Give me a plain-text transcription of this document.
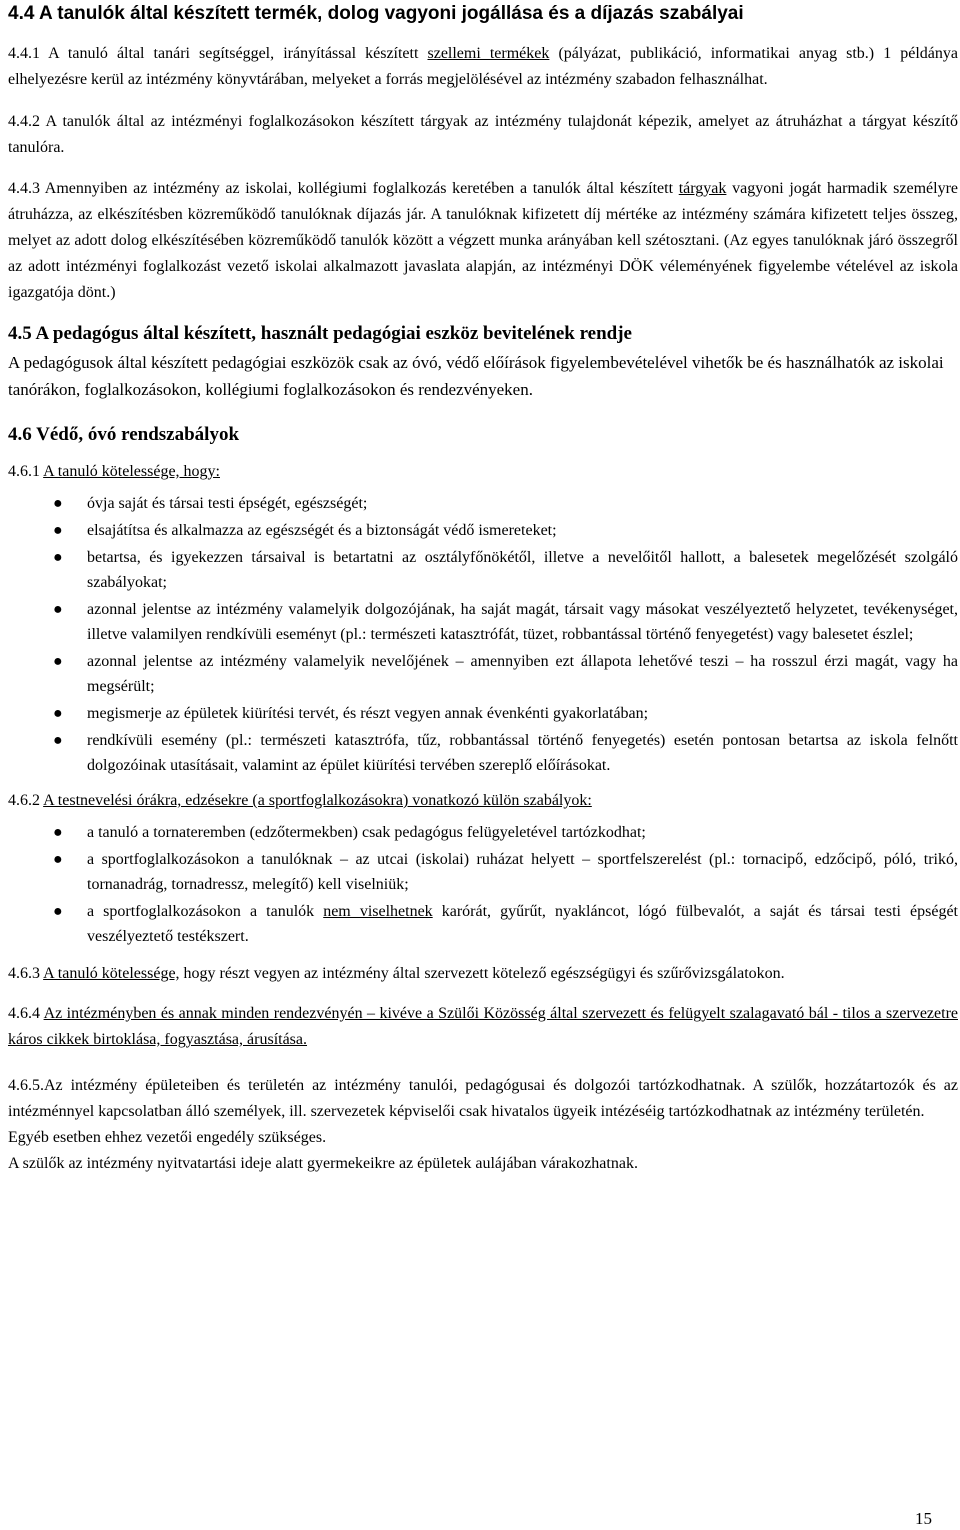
4.4 A tanulók által készített termék, dolog vagyoni jogállása és a díjazás szabályai

4.4.1 A tanuló által tanári segítséggel, irányítással készített szellemi termékek (pályázat, publikáció, informatikai anyag stb.) 1 példánya elhelyezésre kerül az intézmény könyvtárában, melyeket a forrás megjelölésével az intézmény szabadon felhasználhat.

4.4.2 A tanulók által az intézményi foglalkozásokon készített tárgyak az intézmény tulajdonát képezik, amelyet az átruházhat a tárgyat készítő tanulóra.

4.4.3 Amennyiben az intézmény az iskolai, kollégiumi foglalkozás keretében a tanulók által készített tárgyak vagyoni jogát harmadik személyre átruházza, az elkészítésben közreműködő tanulóknak díjazás jár. A tanulóknak kifizetett díj mértéke az intézmény számára kifizetett teljes összeg, melyet az adott dolog elkészítésében közreműködő tanulók között a végzett munka arányában kell szétosztani. (Az egyes tanulóknak járó összegről az adott intézményi foglalkozást vezető iskolai alkalmazott javaslata alapján, az intézményi DÖK véleményének figyelembe vételével az iskola igazgatója dönt.)

4.5 A pedagógus által készített, használt pedagógiai eszköz bevitelének rendje

A pedagógusok által készített pedagógiai eszközök csak az óvó, védő előírások figyelembevételével vihetők be és használhatók az iskolai tanórákon, foglalkozásokon, kollégiumi foglalkozásokon és rendezvényeken.

4.6 Védő, óvó rendszabályok

4.6.1 A tanuló kötelessége, hogy:

● óvja saját és társai testi épségét, egészségét;
● elsajátítsa és alkalmazza az egészségét és a biztonságát védő ismereteket;
● betartsa, és igyekezzen társaival is betartatni az osztályfőnökétől, illetve a nevelőitől hallott, a balesetek megelőzését szolgáló szabályokat;
● azonnal jelentse az intézmény valamelyik dolgozójának, ha saját magát, társait vagy másokat veszélyeztető helyzetet, tevékenységet, illetve valamilyen rendkívüli eseményt (pl.: természeti katasztrófát, tüzet, robbantással történő fenyegetést) vagy balesetet észlel;
● azonnal jelentse az intézmény valamelyik nevelőjének – amennyiben ezt állapota lehetővé teszi – ha rosszul érzi magát, vagy ha megsérült;
● megismerje az épületek kiürítési tervét, és részt vegyen annak évenkénti gyakorlatában;
● rendkívüli esemény (pl.: természeti katasztrófa, tűz, robbantással történő fenyegetés) esetén pontosan betartsa az iskola felnőtt dolgozóinak utasításait, valamint az épület kiürítési tervében szereplő előírásokat.

4.6.2 A testnevelési órákra, edzésekre (a sportfoglalkozásokra) vonatkozó külön szabályok:

● a tanuló a tornateremben (edzőtermekben) csak pedagógus felügyeletével tartózkodhat;
● a sportfoglalkozásokon a tanulóknak – az utcai (iskolai) ruházat helyett – sportfelszerelést (pl.: tornacipő, edzőcipő, póló, trikó, tornanadrág, tornadressz, melegítő) kell viselniük;
● a sportfoglalkozásokon a tanulók nem viselhetnek karórát, gyűrűt, nyakláncot, lógó fülbevalót, a saját és társai testi épségét veszélyeztető testékszert.

4.6.3 A tanuló kötelessége, hogy részt vegyen az intézmény által szervezett kötelező egészségügyi és szűrővizsgálatokon.

4.6.4 Az intézményben és annak minden rendezvényén – kivéve a Szülői Közösség által szervezett és felügyelt szalagavató bál - tilos a szervezetre káros cikkek birtoklása, fogyasztása, árusítása.

4.6.5.Az intézmény épületeiben és területén az intézmény tanulói, pedagógusai és dolgozói tartózkodhatnak. A szülők, hozzátartozók és az intézménnyel kapcsolatban álló személyek, ill. szervezetek képviselői csak hivatalos ügyeik intézéséig tartózkodhatnak az intézmény területén.

Egyéb esetben ehhez vezetői engedély szükséges.

A szülők az intézmény nyitvatartási ideje alatt gyermekeikre az épületek aulájában várakozhatnak.

15
